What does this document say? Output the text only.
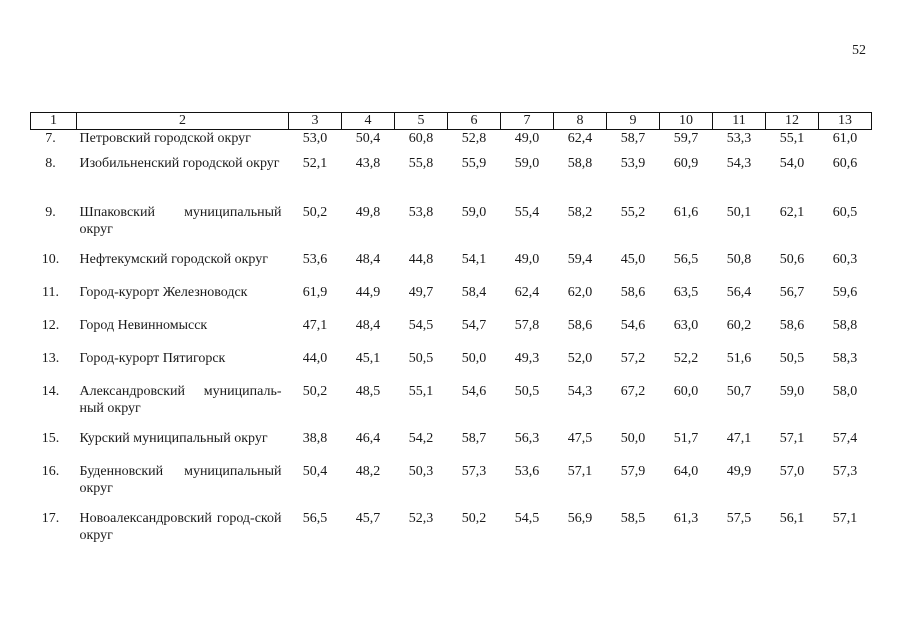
52
1	2	3	4	5	6	7	8	9	10	11	12	13
7.	Петровский городской округ	53,0	50,4	60,8	52,8	49,0	62,4	58,7	59,7	53,3	55,1	61,0
8.	Изобильненский городской округ	52,1	43,8	55,8	55,9	59,0	58,8	53,9	60,9	54,3	54,0	60,6
9.	Шпаковский муниципальный округ	50,2	49,8	53,8	59,0	55,4	58,2	55,2	61,6	50,1	62,1	60,5
10.	Нефтекумский городской округ	53,6	48,4	44,8	54,1	49,0	59,4	45,0	56,5	50,8	50,6	60,3
11.	Город-курорт Железноводск	61,9	44,9	49,7	58,4	62,4	62,0	58,6	63,5	56,4	56,7	59,6
12.	Город Невинномысск	47,1	48,4	54,5	54,7	57,8	58,6	54,6	63,0	60,2	58,6	58,8
13.	Город-курорт Пятигорск	44,0	45,1	50,5	50,0	49,3	52,0	57,2	52,2	51,6	50,5	58,3
14.	Александровский муниципаль-ный округ	50,2	48,5	55,1	54,6	50,5	54,3	67,2	60,0	50,7	59,0	58,0
15.	Курский муниципальный округ	38,8	46,4	54,2	58,7	56,3	47,5	50,0	51,7	47,1	57,1	57,4
16.	Буденновский муниципальный округ	50,4	48,2	50,3	57,3	53,6	57,1	57,9	64,0	49,9	57,0	57,3
17.	Новоалександровский город-ской округ	56,5	45,7	52,3	50,2	54,5	56,9	58,5	61,3	57,5	56,1	57,1
